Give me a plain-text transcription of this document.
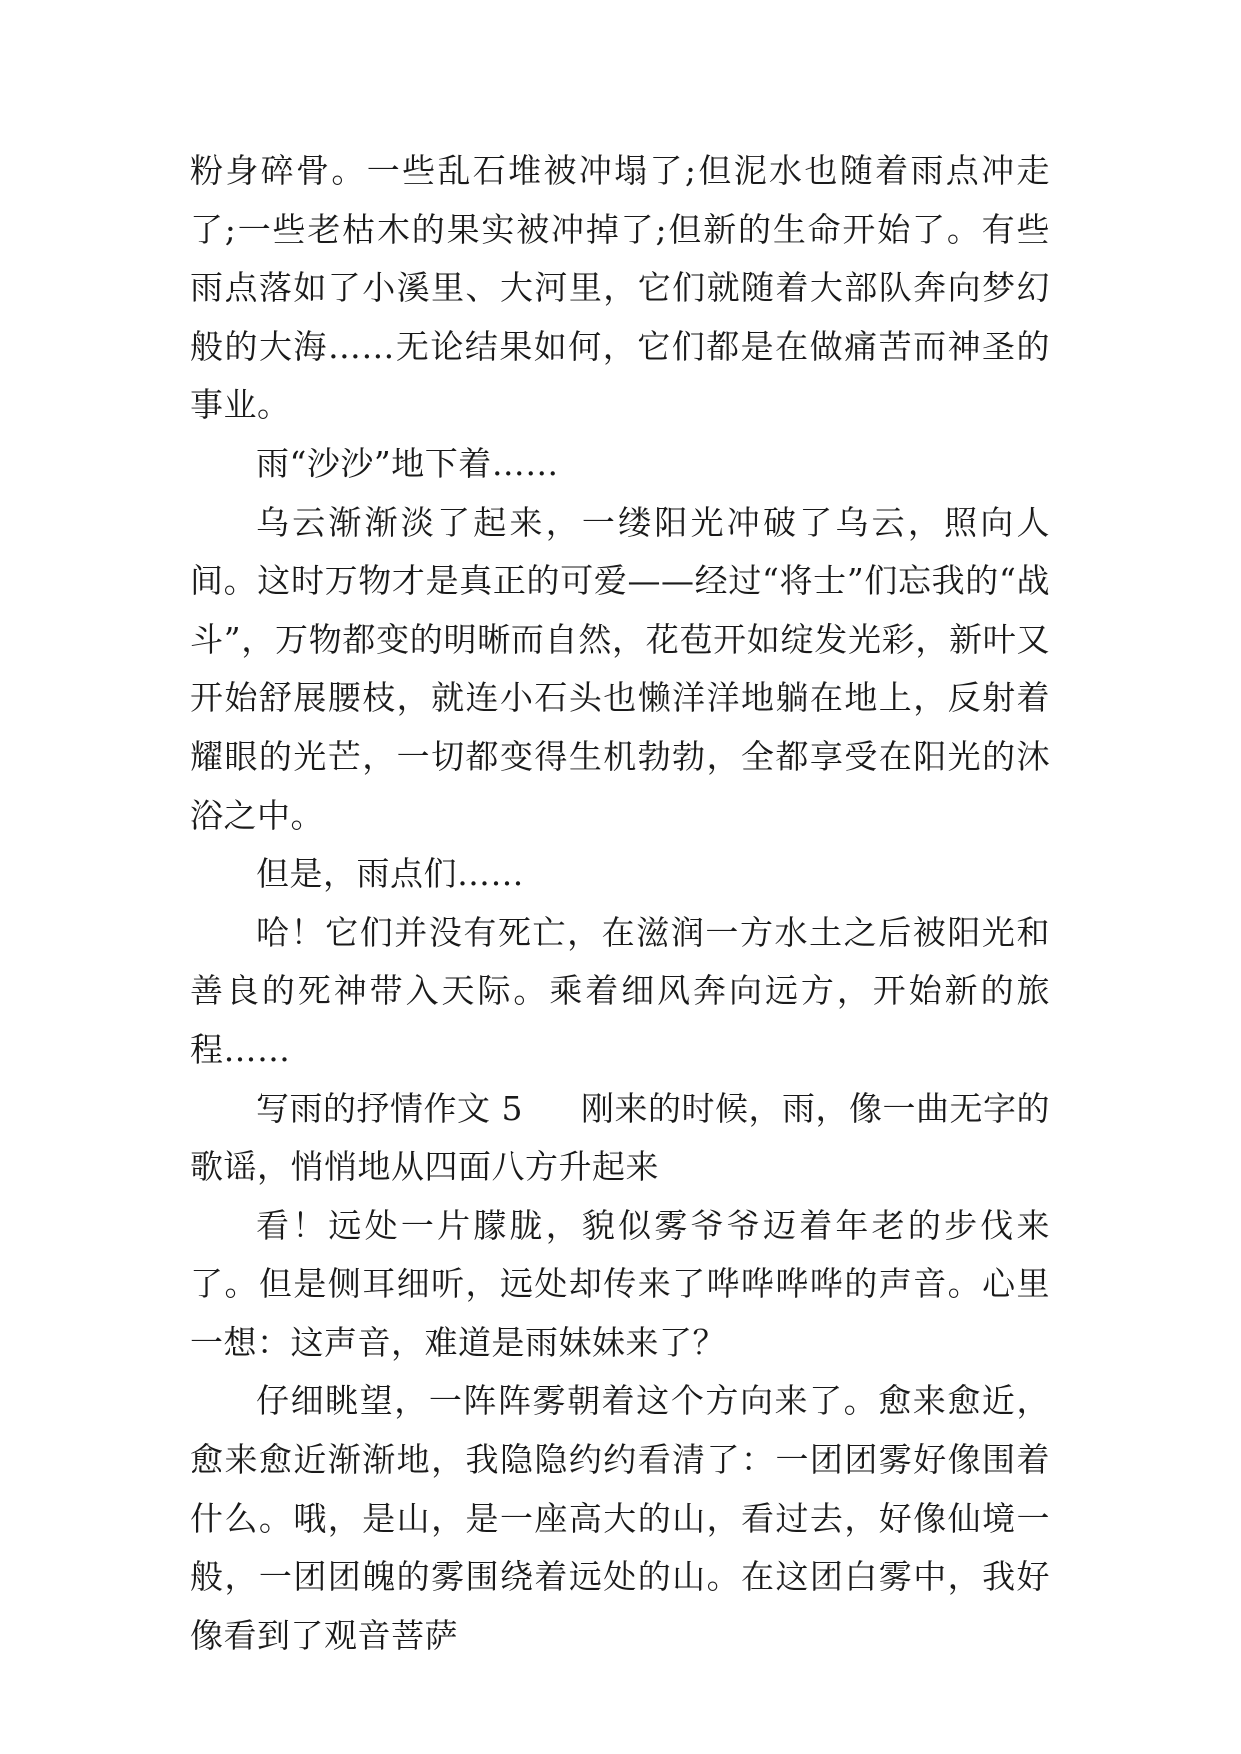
粉身碎骨。一些乱石堆被冲塌了;但泥水也随着雨点冲走了;一些老枯木的果实被冲掉了;但新的生命开始了。有些雨点落如了小溪里、大河里，它们就随着大部队奔向梦幻般的大海……无论结果如何，它们都是在做痛苦而神圣的事业。

雨“沙沙”地下着……

乌云渐渐淡了起来，一缕阳光冲破了乌云，照向人间。这时万物才是真正的可爱——经过“将士”们忘我的“战斗”，万物都变的明晰而自然，花苞开如绽发光彩，新叶又开始舒展腰枝，就连小石头也懒洋洋地躺在地上，反射着耀眼的光芒，一切都变得生机勃勃，全都享受在阳光的沐浴之中。

但是，雨点们……

哈！它们并没有死亡，在滋润一方水土之后被阳光和善良的死神带入天际。乘着细风奔向远方，开始新的旅程……

写雨的抒情作文 5 刚来的时候，雨，像一曲无字的歌谣，悄悄地从四面八方升起来

看！远处一片朦胧，貌似雾爷爷迈着年老的步伐来了。但是侧耳细听，远处却传来了哗哗哗哗的声音。心里一想：这声音，难道是雨妹妹来了？

仔细眺望，一阵阵雾朝着这个方向来了。愈来愈近，愈来愈近渐渐地，我隐隐约约看清了：一团团雾好像围着什么。哦，是山，是一座高大的山，看过去，好像仙境一般，一团团魄的雾围绕着远处的山。在这团白雾中，我好像看到了观音菩萨
